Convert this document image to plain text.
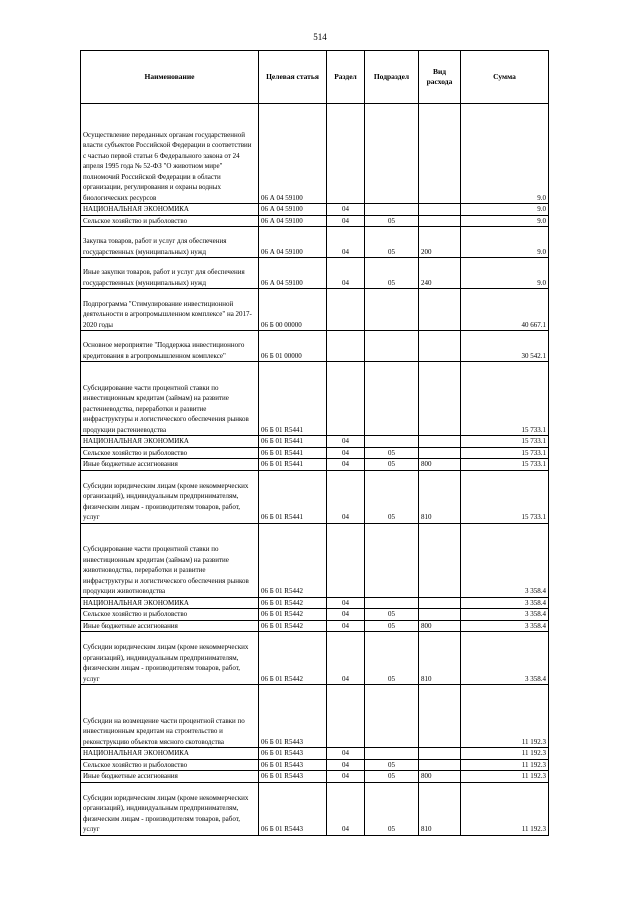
514
Наименование	Целевая статья	Раздел	Подраздел	Вид расхода	Сумма
Осуществление переданных органам государственной власти субъектов Российской Федерации в соответствии с частью первой статьи 6 Федерального закона от 24 апреля 1995 года № 52-ФЗ "О животном мире" полномочий Российской Федерации в области организации, регулирования и охраны водных биологических ресурсов	06 А 04 59100				9.0
НАЦИОНАЛЬНАЯ ЭКОНОМИКА	06 А 04 59100	04			9.0
Сельское хозяйство и рыболовство	06 А 04 59100	04	05		9.0
Закупка товаров, работ и услуг для обеспечения государственных (муниципальных) нужд	06 А 04 59100	04	05	200	9.0
Иные закупки товаров, работ и услуг для обеспечения государственных (муниципальных) нужд	06 А 04 59100	04	05	240	9.0
Подпрограмма "Стимулирование инвестиционной деятельности в агропромышленном комплексе" на 2017-2020 годы	06 Б 00 00000				40 667.1
Основное мероприятие "Поддержка инвестиционного кредитования в агропромышленном комплексе"	06 Б 01 00000				30 542.1
Субсидирование части процентной ставки по инвестиционным кредитам (займам) на развитие растениеводства, переработки и развитие инфраструктуры и логистического обеспечения рынков продукции растениеводства	06 Б 01 R5441				15 733.1
НАЦИОНАЛЬНАЯ ЭКОНОМИКА	06 Б 01 R5441	04			15 733.1
Сельское хозяйство и рыболовство	06 Б 01 R5441	04	05		15 733.1
Иные бюджетные ассигнования	06 Б 01 R5441	04	05	800	15 733.1
Субсидии юридическим лицам (кроме некоммерческих организаций), индивидуальным предпринимателям, физическим лицам - производителям товаров, работ, услуг	06 Б 01 R5441	04	05	810	15 733.1
Субсидирование части процентной ставки по инвестиционным кредитам (займам) на развитие животноводства, переработки и развитие инфраструктуры и логистического обеспечения рынков продукции животноводства	06 Б 01 R5442				3 358.4
НАЦИОНАЛЬНАЯ ЭКОНОМИКА	06 Б 01 R5442	04			3 358.4
Сельское хозяйство и рыболовство	06 Б 01 R5442	04	05		3 358.4
Иные бюджетные ассигнования	06 Б 01 R5442	04	05	800	3 358.4
Субсидии юридическим лицам (кроме некоммерческих организаций), индивидуальным предпринимателям, физическим лицам - производителям товаров, работ, услуг	06 Б 01 R5442	04	05	810	3 358.4
Субсидии на возмещение части процентной ставки по инвестиционным кредитам на строительство и реконструкцию объектов мясного скотоводства	06 Б 01 R5443				11 192.3
НАЦИОНАЛЬНАЯ ЭКОНОМИКА	06 Б 01 R5443	04			11 192.3
Сельское хозяйство и рыболовство	06 Б 01 R5443	04	05		11 192.3
Иные бюджетные ассигнования	06 Б 01 R5443	04	05	800	11 192.3
Субсидии юридическим лицам (кроме некоммерческих организаций), индивидуальным предпринимателям, физическим лицам - производителям товаров, работ, услуг	06 Б 01 R5443	04	05	810	11 192.3
